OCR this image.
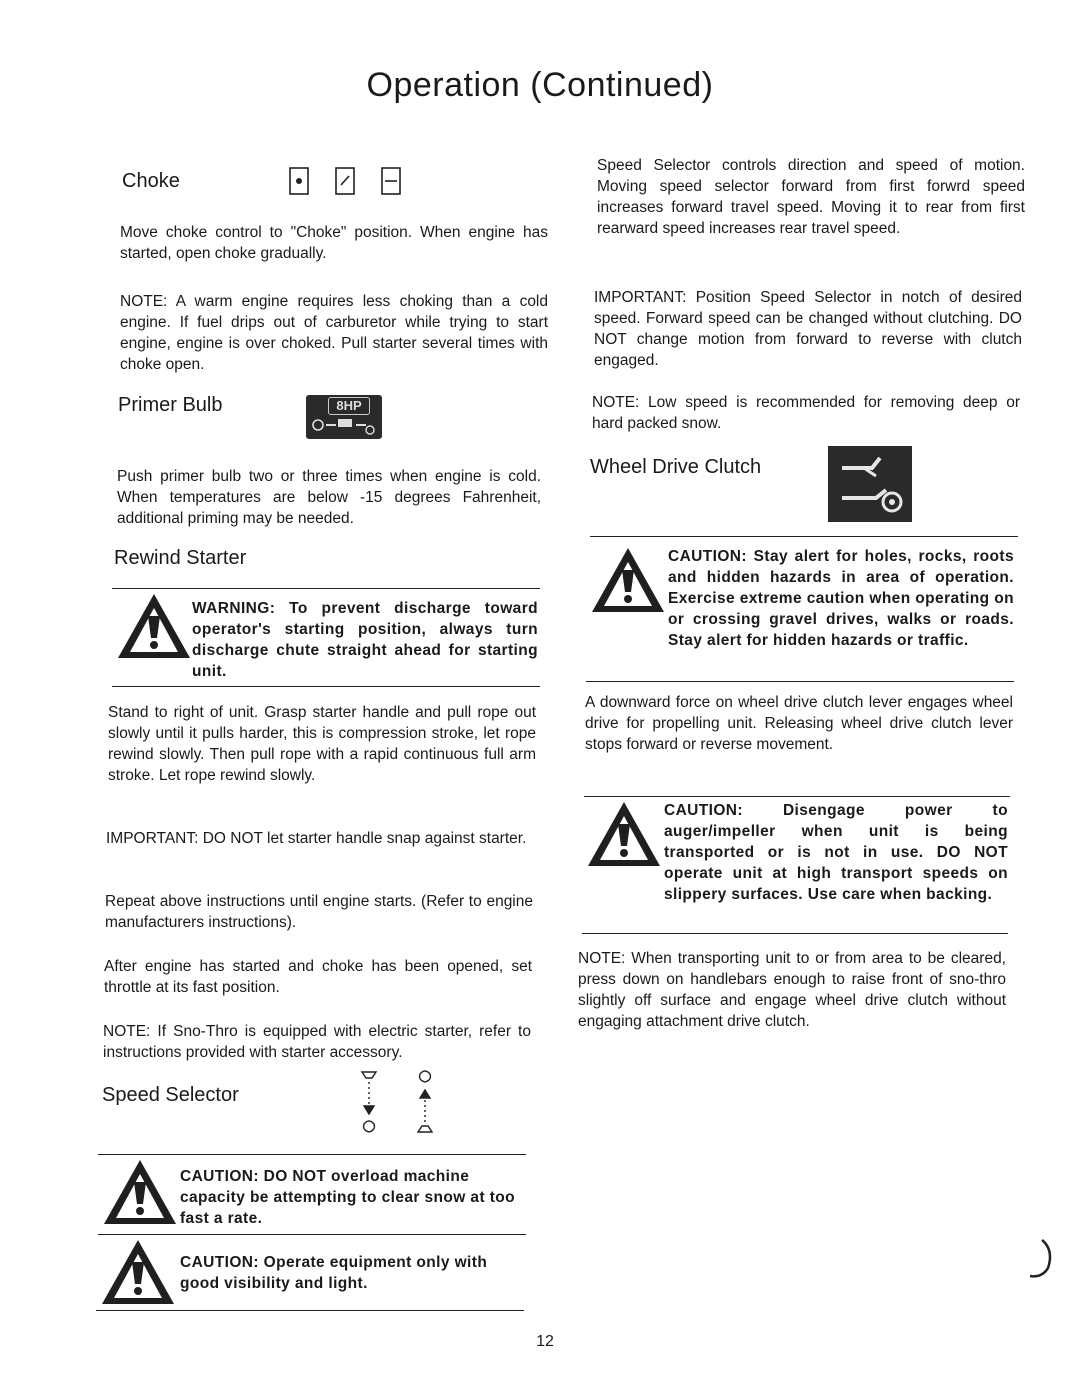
Operation (Continued)
Choke
Move choke control to "Choke" position. When engine has started, open choke gradually.
NOTE: A warm engine requires less choking than a cold engine. If fuel drips out of carburetor while trying to start engine, engine is over choked. Pull starter several times with choke open.
Primer Bulb	8HP
Push primer bulb two or three times when engine is cold. When temperatures are below -15 degrees Fahrenheit, additional priming may be needed.
Rewind Starter
WARNING: To prevent discharge toward operator's starting position, always turn discharge chute straight ahead for starting unit.
Stand to right of unit. Grasp starter handle and pull rope out slowly until it pulls harder, this is compression stroke, let rope rewind slowly. Then pull rope with a rapid continuous full arm stroke. Let rope rewind slowly.
IMPORTANT: DO NOT let starter handle snap against starter.
Repeat above instructions until engine starts. (Refer to engine manufacturers instructions).
After engine has started and choke has been opened, set throttle at its fast position.
NOTE: If Sno-Thro is equipped with electric starter, refer to instructions provided with starter accessory.
Speed Selector
CAUTION: DO NOT overload machine capacity be attempting to clear snow at too fast a rate.
CAUTION: Operate equipment only with good visibility and light.
Speed Selector controls direction and speed of motion. Moving speed selector forward from first forwrd speed increases forward travel speed. Moving it to rear from first rearward speed increases rear travel speed.
IMPORTANT: Position Speed Selector in notch of desired speed. Forward speed can be changed without clutching. DO NOT change motion from forward to reverse with clutch engaged.
NOTE: Low speed is recommended for removing deep or hard packed snow.
Wheel Drive Clutch
CAUTION: Stay alert for holes, rocks, roots and hidden hazards in area of operation. Exercise extreme caution when operating on or crossing gravel drives, walks or roads. Stay alert for hidden hazards or traffic.
A downward force on wheel drive clutch lever engages wheel drive for propelling unit. Releasing wheel drive clutch lever stops forward or reverse movement.
CAUTION: Disengage power to auger/impeller when unit is being transported or is not in use. DO NOT operate unit at high transport speeds on slippery surfaces. Use care when backing.
NOTE: When transporting unit to or from area to be cleared, press down on handlebars enough to raise front of sno-thro slightly off surface and engage wheel drive clutch without engaging attachment drive clutch.
12
